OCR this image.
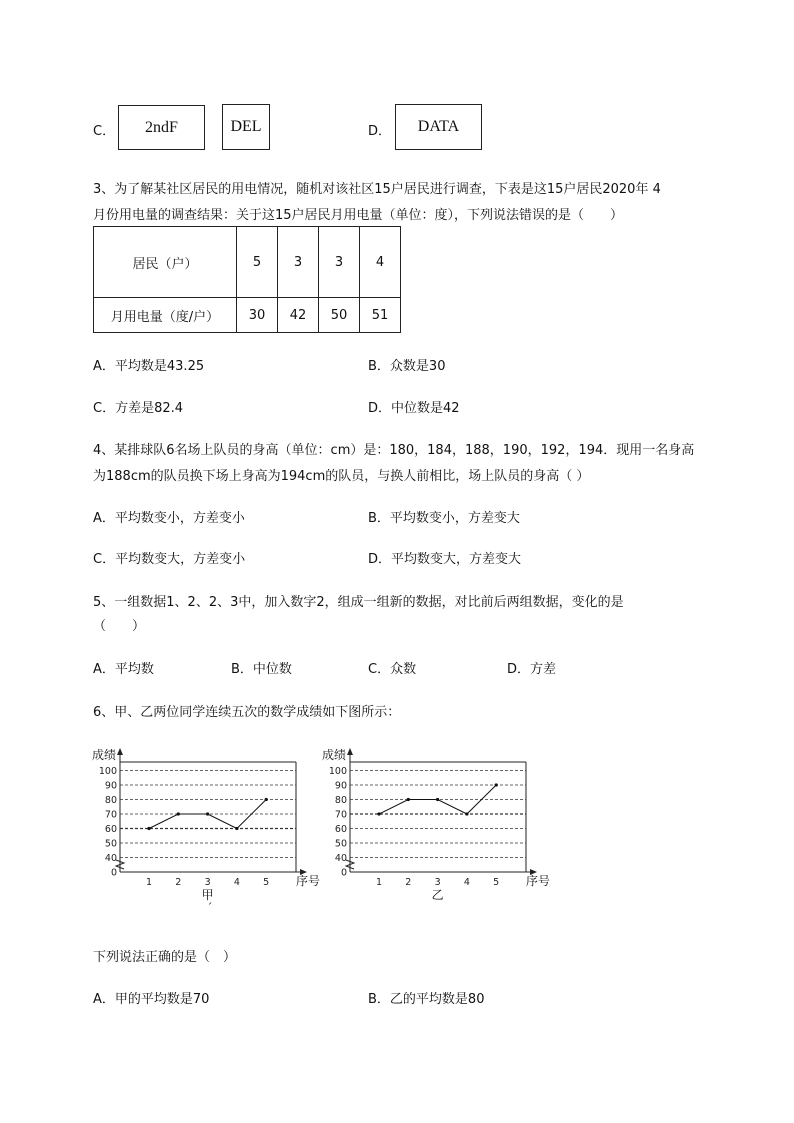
C．	2ndF	DEL	D．	DATA
3、为了解某社区居民的用电情况，随机对该社区15户居民进行调查，下表是这15户居民2020年 4
月份用电量的调查结果：关于这15户居民月用电量（单位：度），下列说法错误的是（　　）
居民（户）	5	3	3	4
月用电量（度/户）	30	42	50	51
A．平均数是43.25	B．众数是30
C．方差是82.4	D．中位数是42
4、某排球队6名场上队员的身高（单位：cm）是：180，184，188，190，192，194．现用一名身高
为188cm的队员换下场上身高为194cm的队员，与换人前相比，场上队员的身高（ ）
A．平均数变小，方差变小	B．平均数变小，方差变大
C．平均数变大，方差变小	D．平均数变大，方差变大
5、一组数据1、2、2、3中，加入数字2，组成一组新的数据，对比前后两组数据，变化的是
（　　）
A．平均数	B．中位数	C．众数	D．方差
6、甲、乙两位同学连续五次的数学成绩如下图所示：
0
40
50
60
70
80
90
100
1 2 3 4 5
成绩
序号
甲
´
0
40
50
60
70
80
90
100
1 2 3 4 5
成绩
序号
乙
下列说法正确的是（　）
A．甲的平均数是70	B．乙的平均数是80
